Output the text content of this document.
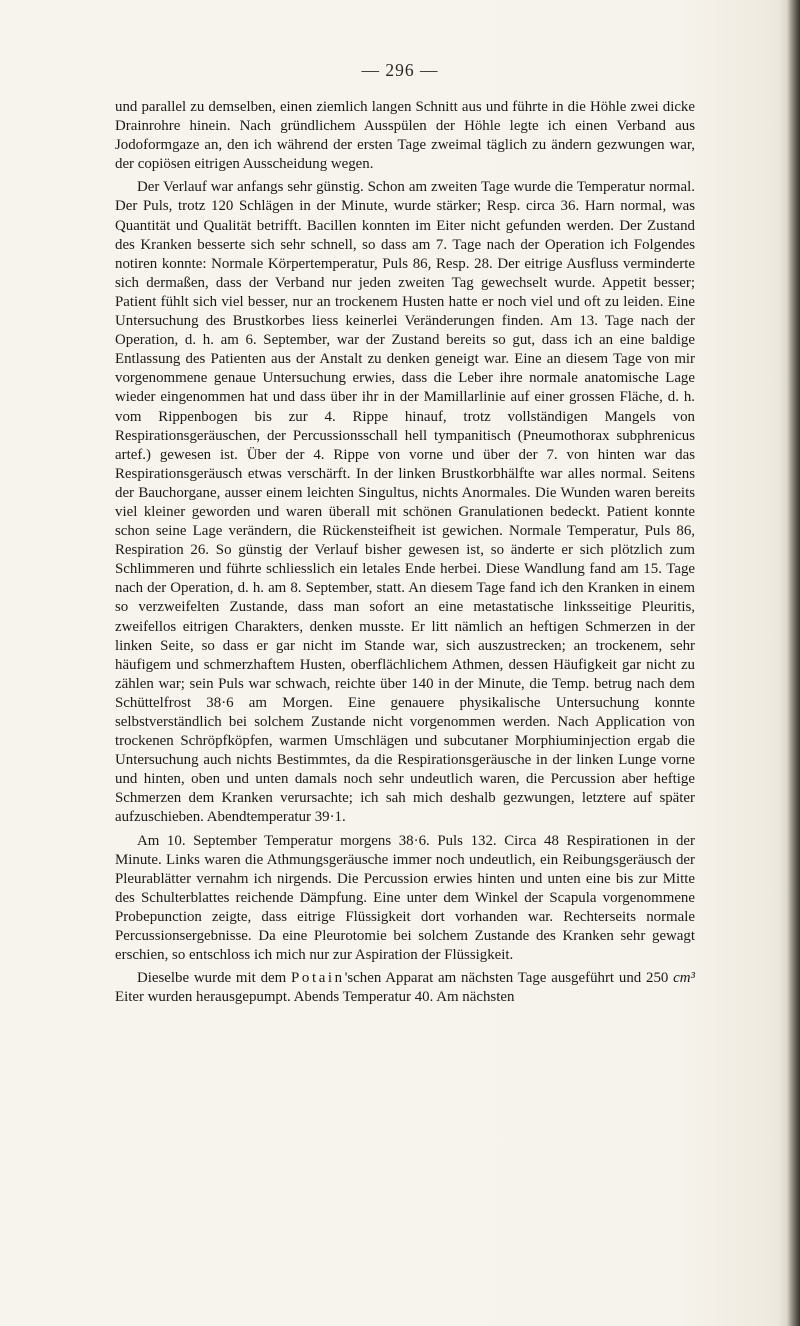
— 296 —

und parallel zu demselben, einen ziemlich langen Schnitt aus und führte in die Höhle zwei dicke Drainrohre hinein. Nach gründlichem Ausspülen der Höhle legte ich einen Verband aus Jodoformgaze an, den ich während der ersten Tage zweimal täglich zu ändern gezwungen war, der copiösen eitrigen Ausscheidung wegen.

Der Verlauf war anfangs sehr günstig. Schon am zweiten Tage wurde die Temperatur normal. Der Puls, trotz 120 Schlägen in der Minute, wurde stärker; Resp. circa 36. Harn normal, was Quantität und Qualität betrifft. Bacillen konnten im Eiter nicht gefunden werden. Der Zustand des Kranken besserte sich sehr schnell, so dass am 7. Tage nach der Operation ich Folgendes notiren konnte: Normale Körpertemperatur, Puls 86, Resp. 28. Der eitrige Ausfluss verminderte sich dermaßen, dass der Verband nur jeden zweiten Tag gewechselt wurde. Appetit besser; Patient fühlt sich viel besser, nur an trockenem Husten hatte er noch viel und oft zu leiden. Eine Untersuchung des Brustkorbes liess keinerlei Veränderungen finden. Am 13. Tage nach der Operation, d. h. am 6. September, war der Zustand bereits so gut, dass ich an eine baldige Entlassung des Patienten aus der Anstalt zu denken geneigt war. Eine an diesem Tage von mir vorgenommene genaue Untersuchung erwies, dass die Leber ihre normale anatomische Lage wieder eingenommen hat und dass über ihr in der Mamillarlinie auf einer grossen Fläche, d. h. vom Rippenbogen bis zur 4. Rippe hinauf, trotz vollständigen Mangels von Respirationsgeräuschen, der Percussionsschall hell tympanitisch (Pneumothorax subphrenicus artef.) gewesen ist. Über der 4. Rippe von vorne und über der 7. von hinten war das Respirationsgeräusch etwas verschärft. In der linken Brustkorbhälfte war alles normal. Seitens der Bauchorgane, ausser einem leichten Singultus, nichts Anormales. Die Wunden waren bereits viel kleiner geworden und waren überall mit schönen Granulationen bedeckt. Patient konnte schon seine Lage verändern, die Rückensteifheit ist gewichen. Normale Temperatur, Puls 86, Respiration 26. So günstig der Verlauf bisher gewesen ist, so änderte er sich plötzlich zum Schlimmeren und führte schliesslich ein letales Ende herbei. Diese Wandlung fand am 15. Tage nach der Operation, d. h. am 8. September, statt. An diesem Tage fand ich den Kranken in einem so verzweifelten Zustande, dass man sofort an eine metastatische linksseitige Pleuritis, zweifellos eitrigen Charakters, denken musste. Er litt nämlich an heftigen Schmerzen in der linken Seite, so dass er gar nicht im Stande war, sich auszustrecken; an trockenem, sehr häufigem und schmerzhaftem Husten, oberflächlichem Athmen, dessen Häufigkeit gar nicht zu zählen war; sein Puls war schwach, reichte über 140 in der Minute, die Temp. betrug nach dem Schüttelfrost 38·6 am Morgen. Eine genauere physikalische Untersuchung konnte selbstverständlich bei solchem Zustande nicht vorgenommen werden. Nach Application von trockenen Schröpfköpfen, warmen Umschlägen und subcutaner Morphiuminjection ergab die Untersuchung auch nichts Bestimmtes, da die Respirationsgeräusche in der linken Lunge vorne und hinten, oben und unten damals noch sehr undeutlich waren, die Percussion aber heftige Schmerzen dem Kranken verursachte; ich sah mich deshalb gezwungen, letztere auf später aufzuschieben. Abendtemperatur 39·1.

Am 10. September Temperatur morgens 38·6. Puls 132. Circa 48 Respirationen in der Minute. Links waren die Athmungsgeräusche immer noch undeutlich, ein Reibungsgeräusch der Pleurablätter vernahm ich nirgends. Die Percussion erwies hinten und unten eine bis zur Mitte des Schulterblattes reichende Dämpfung. Eine unter dem Winkel der Scapula vorgenommene Probepunction zeigte, dass eitrige Flüssigkeit dort vorhanden war. Rechterseits normale Percussionsergebnisse. Da eine Pleurotomie bei solchem Zustande des Kranken sehr gewagt erschien, so entschloss ich mich nur zur Aspiration der Flüssigkeit.

Dieselbe wurde mit dem Potain'schen Apparat am nächsten Tage ausgeführt und 250 cm³ Eiter wurden herausgepumpt. Abends Temperatur 40. Am nächsten
